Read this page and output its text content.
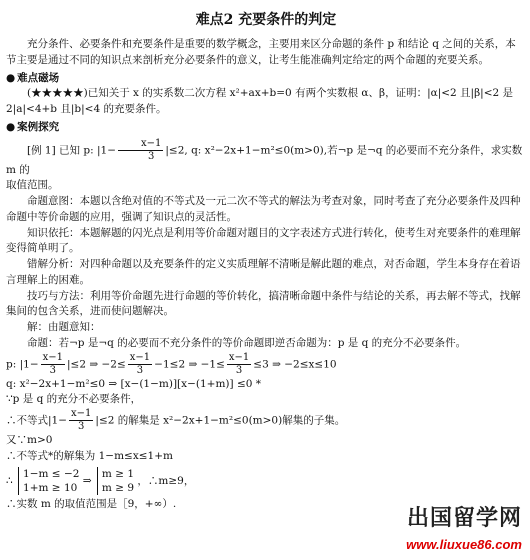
难点2 充要条件的判定

充分条件、必要条件和充要条件是重要的数学概念，主要用来区分命题的条件 p 和结论 q 之间的关系，本节主要是通过不同的知识点来剖析充分必要条件的意义，让考生能准确判定给定的两个命题的充要关系。

● 难点磁场

(★★★★★)已知关于 x 的实系数二次方程 x²+ax+b=0 有两个实数根 α、β，证明：|α|<2 且|β|<2 是 2|a|<4+b 且|b|<4 的充要条件。

● 案例探究

[例 1] 已知 p: $|1- \frac{x-1}{3} |\le 2$, q: x²−2x+1−m²≤0(m>0),若¬p 是¬q 的必要而不充分条件，求实数 m 的

取值范围。

命题意图：本题以含绝对值的不等式及一元二次不等式的解法为考查对象，同时考查了充分必要条件及四种命题中等价命题的应用，强调了知识点的灵活性。

知识依托：本题解题的闪光点是利用等价命题对题目的文字表述方式进行转化，使考生对充要条件的难理解变得简单明了。

错解分析：对四种命题以及充要条件的定义实质理解不清晰是解此题的难点，对否命题，学生本身存在着语言理解上的困难。

技巧与方法：利用等价命题先进行命题的等价转化，搞清晰命题中条件与结论的关系，再去解不等式，找解集间的包含关系，进而使问题解决。

解：由题意知：

命题：若¬p 是¬q 的必要而不充分条件的等价命题即逆否命题为：p 是 q 的充分不必要条件。

p: $|1- \frac{x-1}{3} |\le 2$ ⇒ $-2\le \frac{x-1}{3} -1\le 2$ ⇒ $-1\le \frac{x-1}{3} \le 3$ ⇒ −2≤x≤10

q: x²−2x+1−m²≤0 ⇒ [x−(1−m)][x−(1+m)] ≤0 *

∵p 是 q 的充分不必要条件，

∴不等式$|1- \frac{x-1}{3} |\le 2$ 的解集是 x²−2x+1−m²≤0(m>0)解集的子集。

又∵m>0

∴不等式*的解集为 1−m≤x≤1+m

∴
1−m ≤ −2
1+m ≥ 10
⇒
m ≥ 1
m ≥ 9
，∴m≥9，

∴实数 m 的取值范围是［9，+∞）.

出国留学网
www.liuxue86.com
